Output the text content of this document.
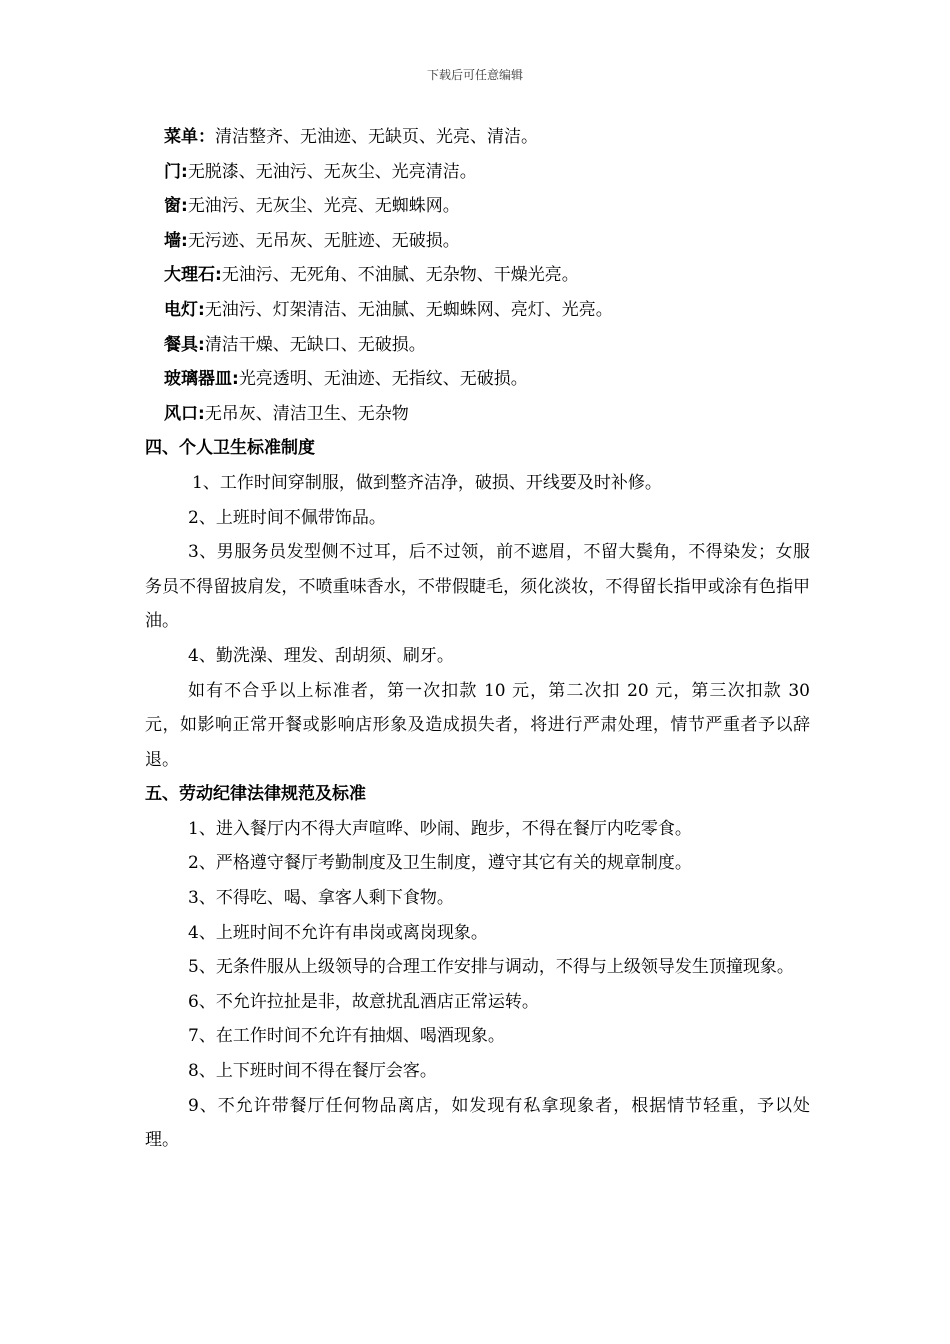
下载后可任意编辑
菜单：清洁整齐、无油迹、无缺页、光亮、清洁。
门:无脱漆、无油污、无灰尘、光亮清洁。
窗:无油污、无灰尘、光亮、无蜘蛛网。
墙:无污迹、无吊灰、无脏迹、无破损。
大理石:无油污、无死角、不油腻、无杂物、干燥光亮。
电灯:无油污、灯架清洁、无油腻、无蜘蛛网、亮灯、光亮。
餐具:清洁干燥、无缺口、无破损。
玻璃器皿:光亮透明、无油迹、无指纹、无破损。
风口:无吊灰、清洁卫生、无杂物
四、个人卫生标准制度
1、工作时间穿制服，做到整齐洁净，破损、开线要及时补修。
2、上班时间不佩带饰品。
3、男服务员发型侧不过耳，后不过领，前不遮眉，不留大鬓角，不得染发；女服务员不得留披肩发，不喷重味香水，不带假睫毛，须化淡妆，不得留长指甲或涂有色指甲油。
4、勤洗澡、理发、刮胡须、刷牙。
如有不合乎以上标准者，第一次扣款 10 元，第二次扣 20 元，第三次扣款 30 元，如影响正常开餐或影响店形象及造成损失者，将进行严肃处理，情节严重者予以辞退。
五、劳动纪律法律规范及标准
1、进入餐厅内不得大声喧哗、吵闹、跑步，不得在餐厅内吃零食。
2、严格遵守餐厅考勤制度及卫生制度，遵守其它有关的规章制度。
3、不得吃、喝、拿客人剩下食物。
4、上班时间不允许有串岗或离岗现象。
5、无条件服从上级领导的合理工作安排与调动，不得与上级领导发生顶撞现象。
6、不允许拉扯是非，故意扰乱酒店正常运转。
7、在工作时间不允许有抽烟、喝酒现象。
8、上下班时间不得在餐厅会客。
9、不允许带餐厅任何物品离店，如发现有私拿现象者，根据情节轻重，予以处理。
